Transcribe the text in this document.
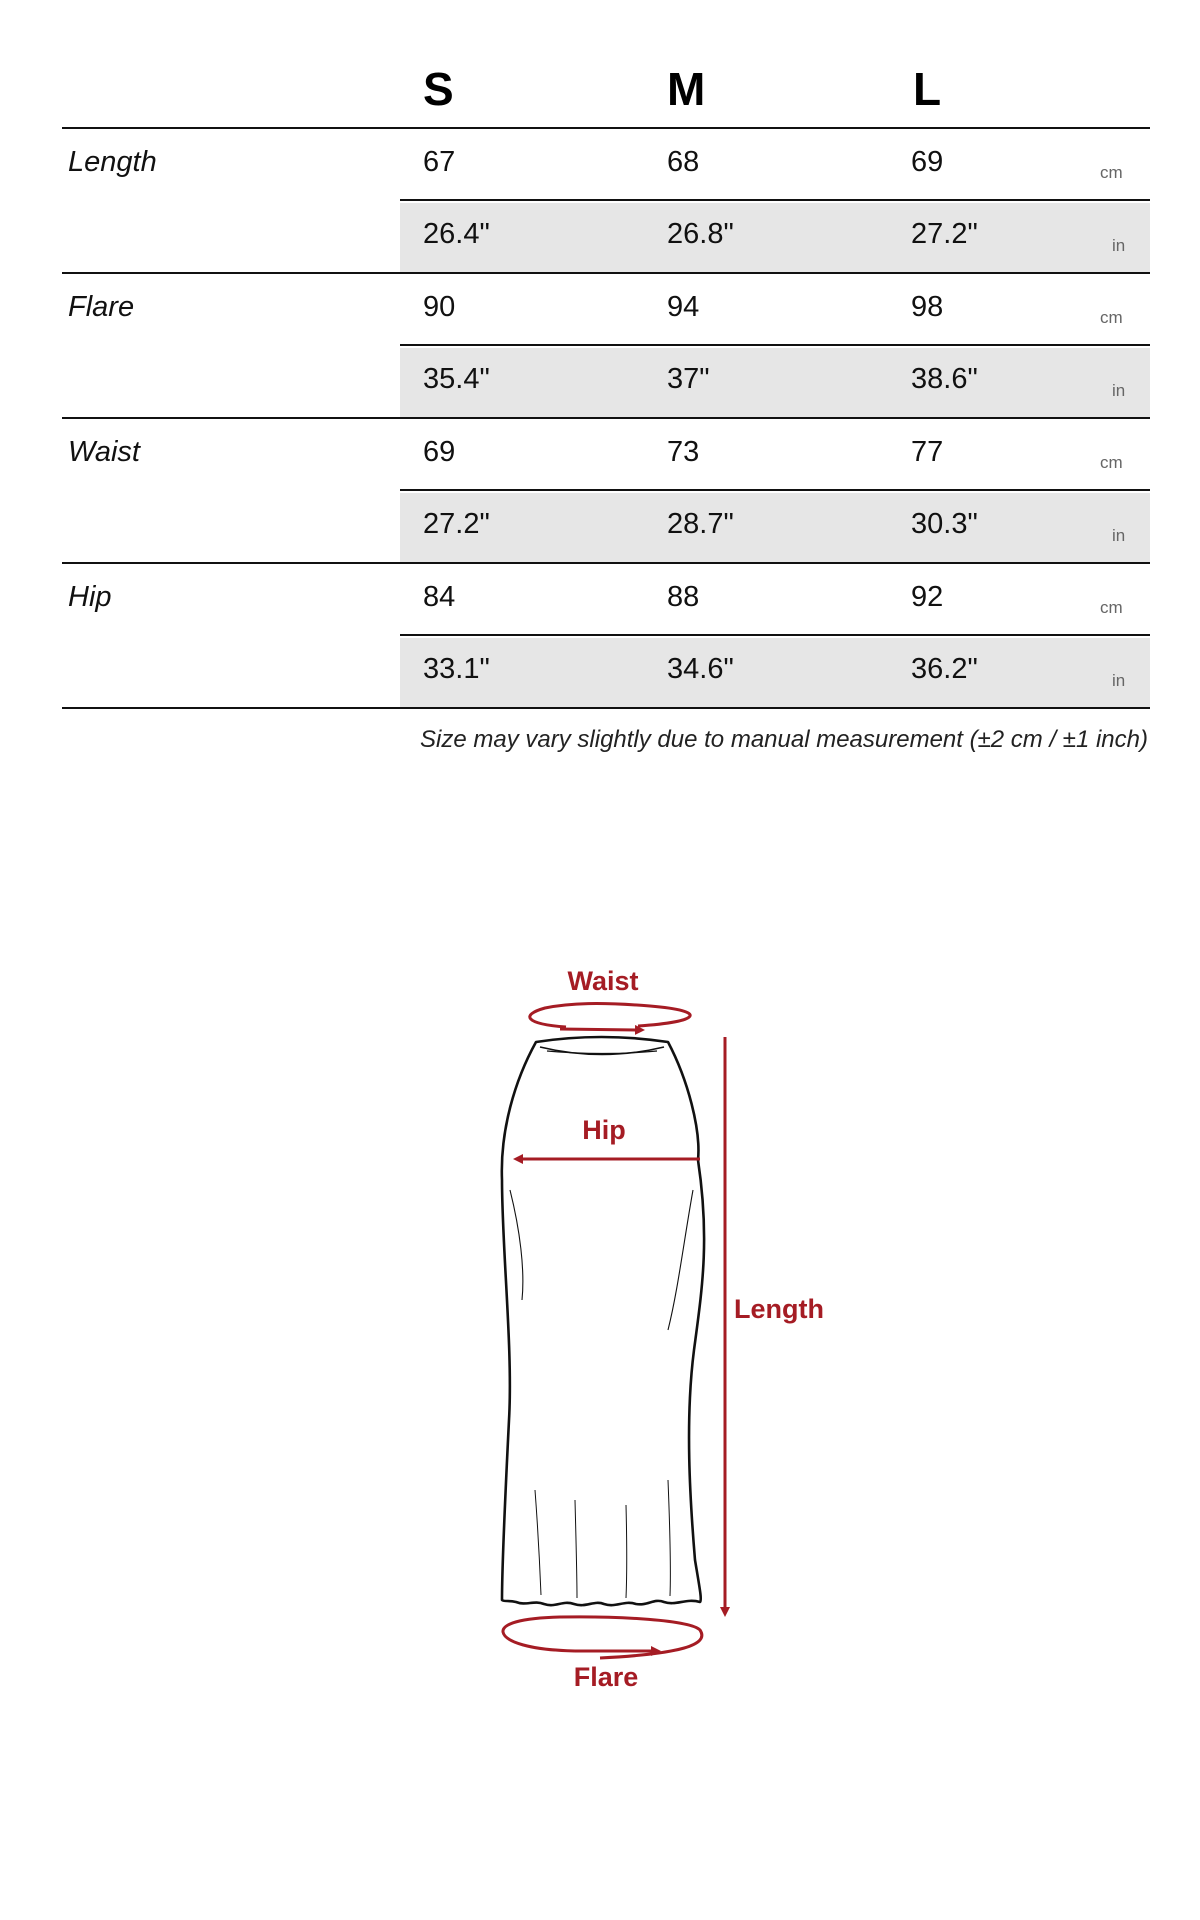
S	M	L
Length	67	68	69	cm
26.4"	26.8"	27.2"	in
Flare	90	94	98	cm
35.4"	37"	38.6"	in
Waist	69	73	77	cm
27.2"	28.7"	30.3"	in
Hip	84	88	92	cm
33.1"	34.6"	36.2"	in
Size may vary slightly due to manual measurement (±2 cm / ±1 inch)
Waist
Hip
Length
Flare
